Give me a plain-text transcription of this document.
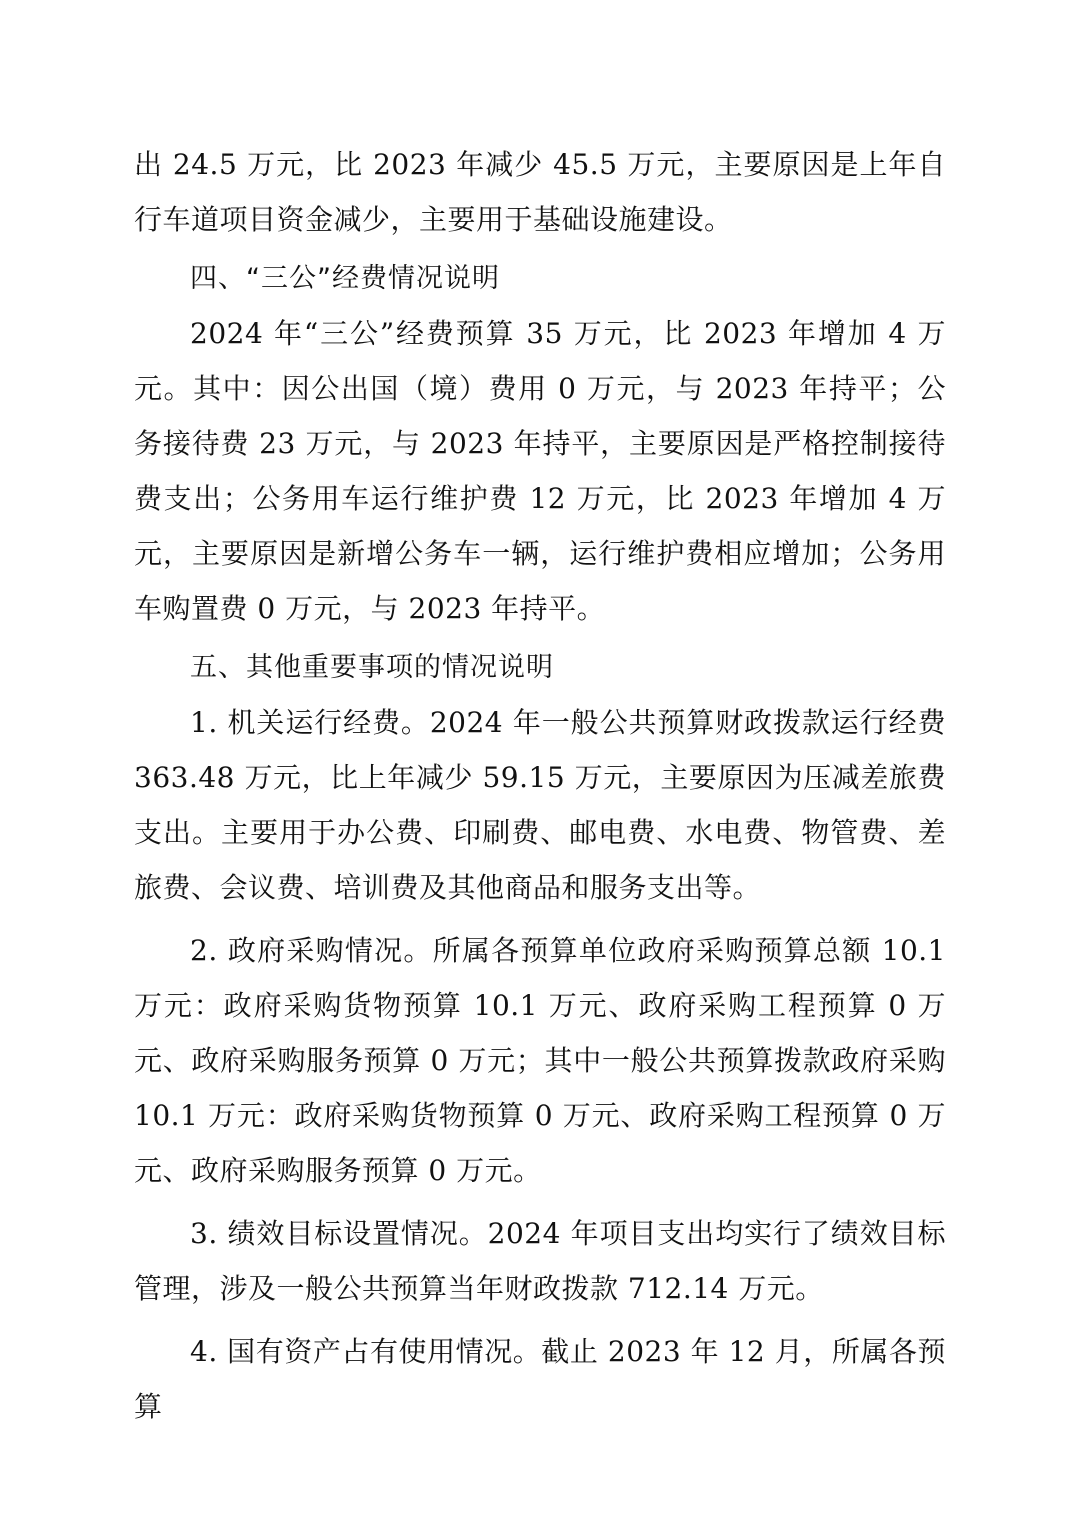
出 24.5 万元，比 2023 年减少 45.5 万元，主要原因是上年自行车道项目资金减少，主要用于基础设施建设。

四、“三公”经费情况说明

2024 年“三公”经费预算 35 万元，比 2023 年增加 4 万元。其中：因公出国（境）费用 0 万元，与 2023 年持平；公务接待费 23 万元，与 2023 年持平，主要原因是严格控制接待费支出；公务用车运行维护费 12 万元，比 2023 年增加 4 万元，主要原因是新增公务车一辆，运行维护费相应增加；公务用车购置费 0 万元，与 2023 年持平。

五、其他重要事项的情况说明

1. 机关运行经费。2024 年一般公共预算财政拨款运行经费 363.48 万元，比上年减少 59.15 万元，主要原因为压减差旅费支出。主要用于办公费、印刷费、邮电费、水电费、物管费、差旅费、会议费、培训费及其他商品和服务支出等。

2. 政府采购情况。所属各预算单位政府采购预算总额 10.1 万元：政府采购货物预算 10.1 万元、政府采购工程预算 0 万元、政府采购服务预算 0 万元；其中一般公共预算拨款政府采购 10.1 万元：政府采购货物预算 0 万元、政府采购工程预算 0 万元、政府采购服务预算 0 万元。

3. 绩效目标设置情况。2024 年项目支出均实行了绩效目标管理，涉及一般公共预算当年财政拨款 712.14 万元。

4. 国有资产占有使用情况。截止 2023 年 12 月，所属各预算
